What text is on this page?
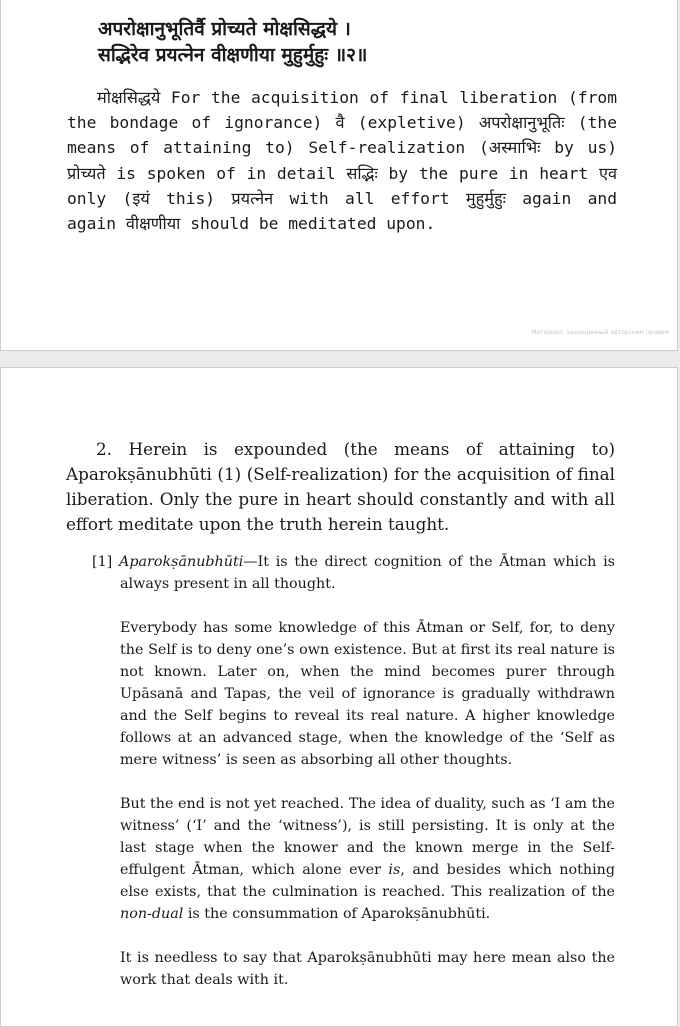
अपरोक्षानुभूतिर्वै प्रोच्यते मोक्षसिद्धये ।
सद्भिरेव प्रयत्नेन वीक्षणीया मुहुर्मुहुः ॥२॥

मोक्षसिद्धये For the acquisition of final liberation (from the bondage of ignorance) वै (expletive) अपरोक्षानुभूतिः (the means of attaining to) Self-realization (अस्माभिः by us) प्रोच्यते is spoken of in detail सद्भिः by the pure in heart एव only (इयं this) प्रयत्नेन with all effort मुहुर्मुहुः again and again वीक्षणीया should be meditated upon.

Материал, защищенный авторским правом

2. Herein is expounded (the means of attaining to) Aparokṣānubhūti (1) (Self-realization) for the acquisition of final liberation. Only the pure in heart should constantly and with all effort meditate upon the truth herein taught.

[1] Aparokṣānubhūti—It is the direct cognition of the Ātman which is always present in all thought.

Everybody has some knowledge of this Ātman or Self, for, to deny the Self is to deny one’s own existence. But at first its real nature is not known. Later on, when the mind becomes purer through Upāsanā and Tapas, the veil of ignorance is gradually withdrawn and the Self begins to reveal its real nature. A higher knowledge follows at an advanced stage, when the knowledge of the ‘Self as mere witness’ is seen as absorbing all other thoughts.

But the end is not yet reached. The idea of duality, such as ‘I am the witness’ (‘I’ and the ‘witness’), is still persisting. It is only at the last stage when the knower and the known merge in the Self-effulgent Ātman, which alone ever is, and besides which nothing else exists, that the culmination is reached. This realization of the non-dual is the consummation of Aparokṣānubhūti.

It is needless to say that Aparokṣānubhūti may here mean also the work that deals with it.
